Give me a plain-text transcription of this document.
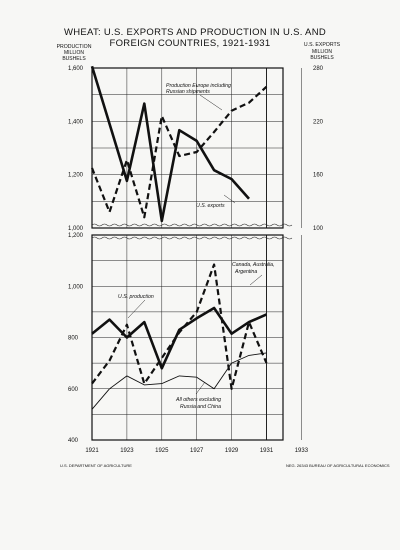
WHEAT: U.S. EXPORTS AND PRODUCTION IN U.S. AND
FOREIGN COUNTRIES, 1921-1931
PRODUCTION
MILLION
BUSHELS
U.S. EXPORTS
MILLION
BUSHELS
1,000
1,200
1,400
1,600
100
160
220
280
400
600
800
1,000
1,200
1921	1923	1925	1927	1929	1931	1933
Production Europe including
Russian shipments
U.S. exports
Canada, Australia,
Argentina
U.S. production
All others excluding
Russia and China
U.S. DEPARTMENT OF AGRICULTURE	NEG. 26343 BUREAU OF AGRICULTURAL ECONOMICS
